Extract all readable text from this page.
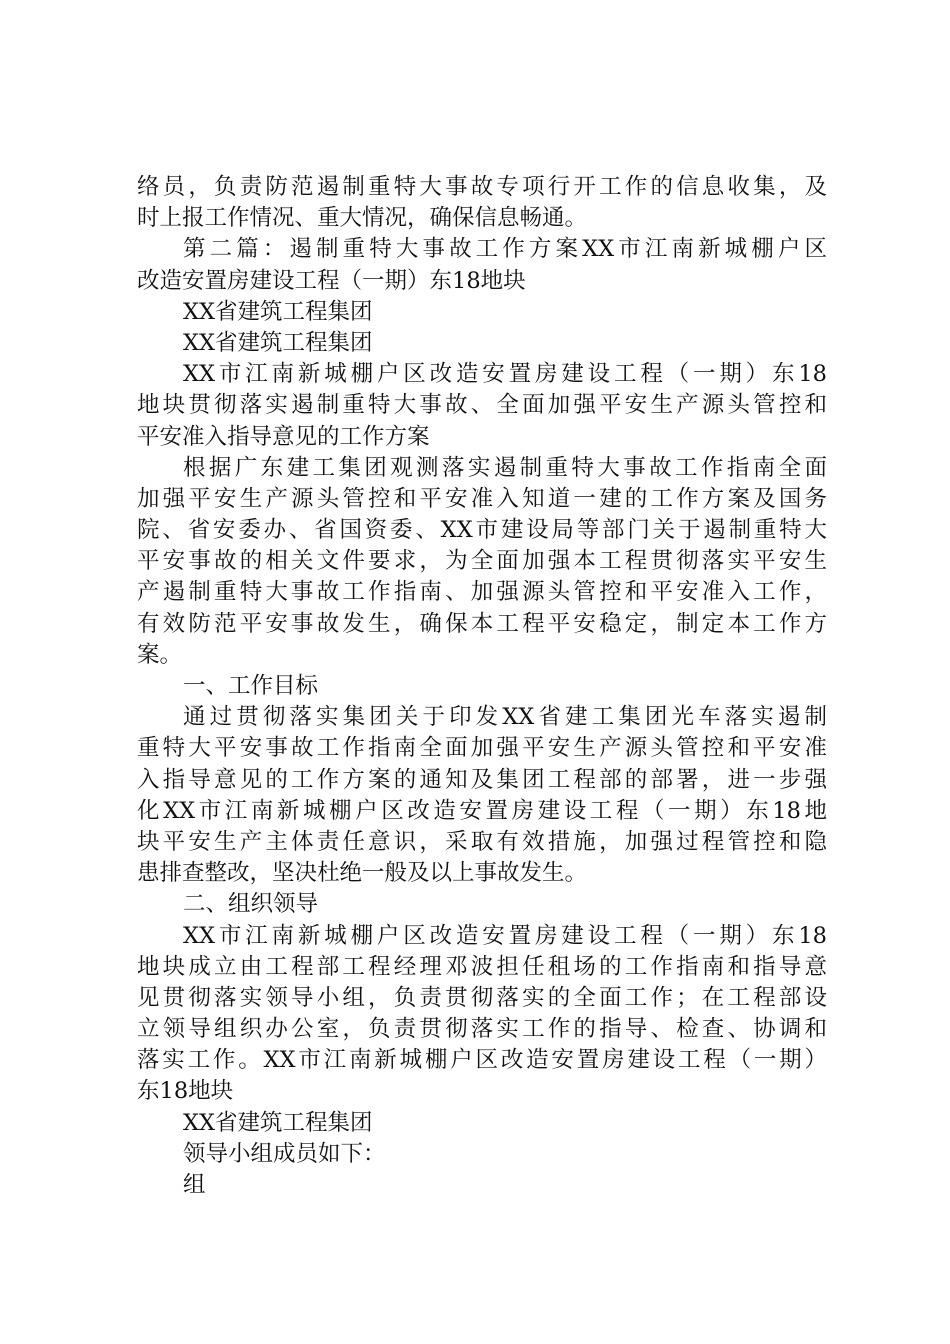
络员，负责防范遏制重特大事故专项行开工作的信息收集，及
时上报工作情况、重大情况，确保信息畅通。
第二篇：遏制重特大事故工作方案XX市江南新城棚户区
改造安置房建设工程（一期）东18地块
XX省建筑工程集团
XX省建筑工程集团
XX市江南新城棚户区改造安置房建设工程（一期）东18
地块贯彻落实遏制重特大事故、全面加强平安生产源头管控和
平安准入指导意见的工作方案
根据广东建工集团观测落实遏制重特大事故工作指南全面
加强平安生产源头管控和平安准入知道一建的工作方案及国务
院、省安委办、省国资委、XX市建设局等部门关于遏制重特大
平安事故的相关文件要求，为全面加强本工程贯彻落实平安生
产遏制重特大事故工作指南、加强源头管控和平安准入工作，
有效防范平安事故发生，确保本工程平安稳定，制定本工作方
案。
一、工作目标
通过贯彻落实集团关于印发XX省建工集团光车落实遏制
重特大平安事故工作指南全面加强平安生产源头管控和平安准
入指导意见的工作方案的通知及集团工程部的部署，进一步强
化XX市江南新城棚户区改造安置房建设工程（一期）东18地
块平安生产主体责任意识，采取有效措施，加强过程管控和隐
患排查整改，坚决杜绝一般及以上事故发生。
二、组织领导
XX市江南新城棚户区改造安置房建设工程（一期）东18
地块成立由工程部工程经理邓波担任租场的工作指南和指导意
见贯彻落实领导小组，负责贯彻落实的全面工作；在工程部设
立领导组织办公室，负责贯彻落实工作的指导、检查、协调和
落实工作。XX市江南新城棚户区改造安置房建设工程（一期）
东18地块
XX省建筑工程集团
领导小组成员如下：
组
